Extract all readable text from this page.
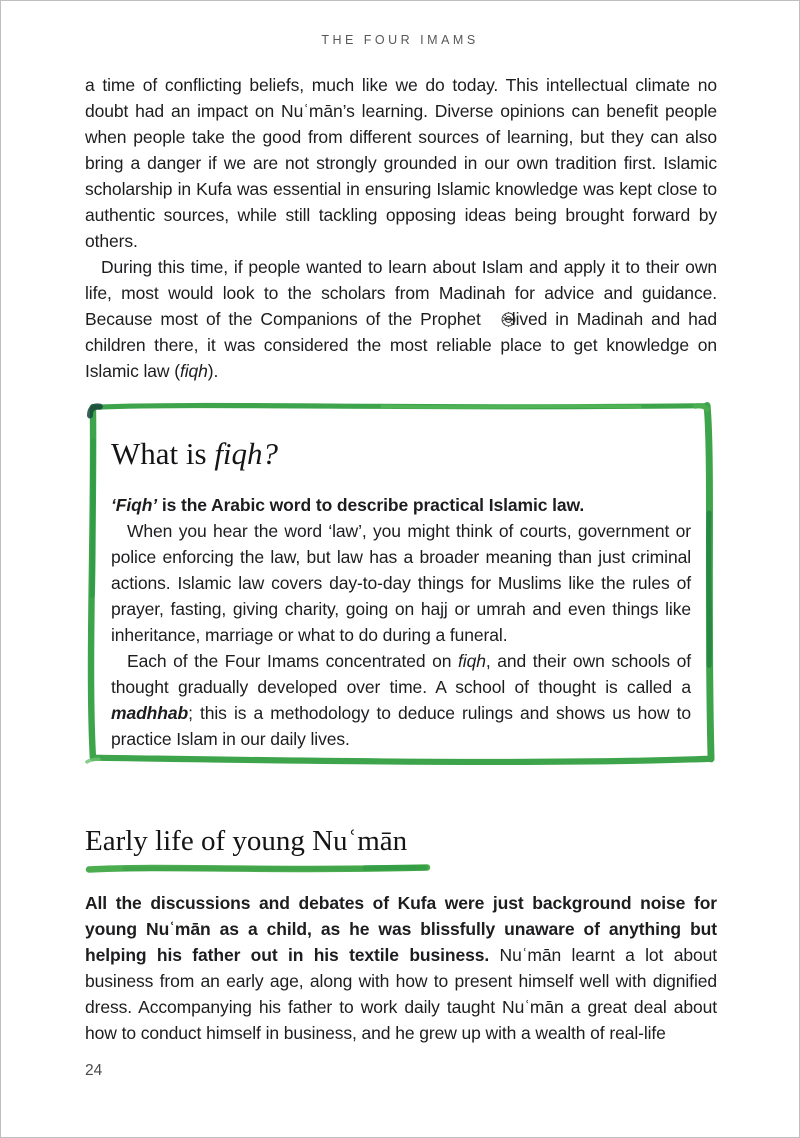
THE FOUR IMAMS

a time of conflicting beliefs, much like we do today. This intellectual climate no doubt had an impact on Nuʿmān’s learning. Diverse opinions can benefit people when people take the good from different sources of learning, but they can also bring a danger if we are not strongly grounded in our own tradition first. Islamic scholarship in Kufa was essential in ensuring Islamic knowledge was kept close to authentic sources, while still tackling opposing ideas being brought forward by others.

During this time, if people wanted to learn about Islam and apply it to their own life, most would look to the scholars from Madinah for advice and guidance. Because most of the Companions of the Prophet lived in Madinah and had children there, it was considered the most reliable place to get knowledge on Islamic law (fiqh).

What is fiqh?

‘Fiqh’ is the Arabic word to describe practical Islamic law.

When you hear the word ‘law’, you might think of courts, government or police enforcing the law, but law has a broader meaning than just criminal actions. Islamic law covers day-to-day things for Muslims like the rules of prayer, fasting, giving charity, going on hajj or umrah and even things like inheritance, marriage or what to do during a funeral.

Each of the Four Imams concentrated on fiqh, and their own schools of thought gradually developed over time. A school of thought is called a madhhab; this is a methodology to deduce rulings and shows us how to practice Islam in our daily lives.

Early life of young Nuʿmān

All the discussions and debates of Kufa were just background noise for young Nuʿmān as a child, as he was blissfully unaware of anything but helping his father out in his textile business. Nuʿmān learnt a lot about business from an early age, along with how to present himself well with dignified dress. Accompanying his father to work daily taught Nuʿmān a great deal about how to conduct himself in business, and he grew up with a wealth of real-life

24
